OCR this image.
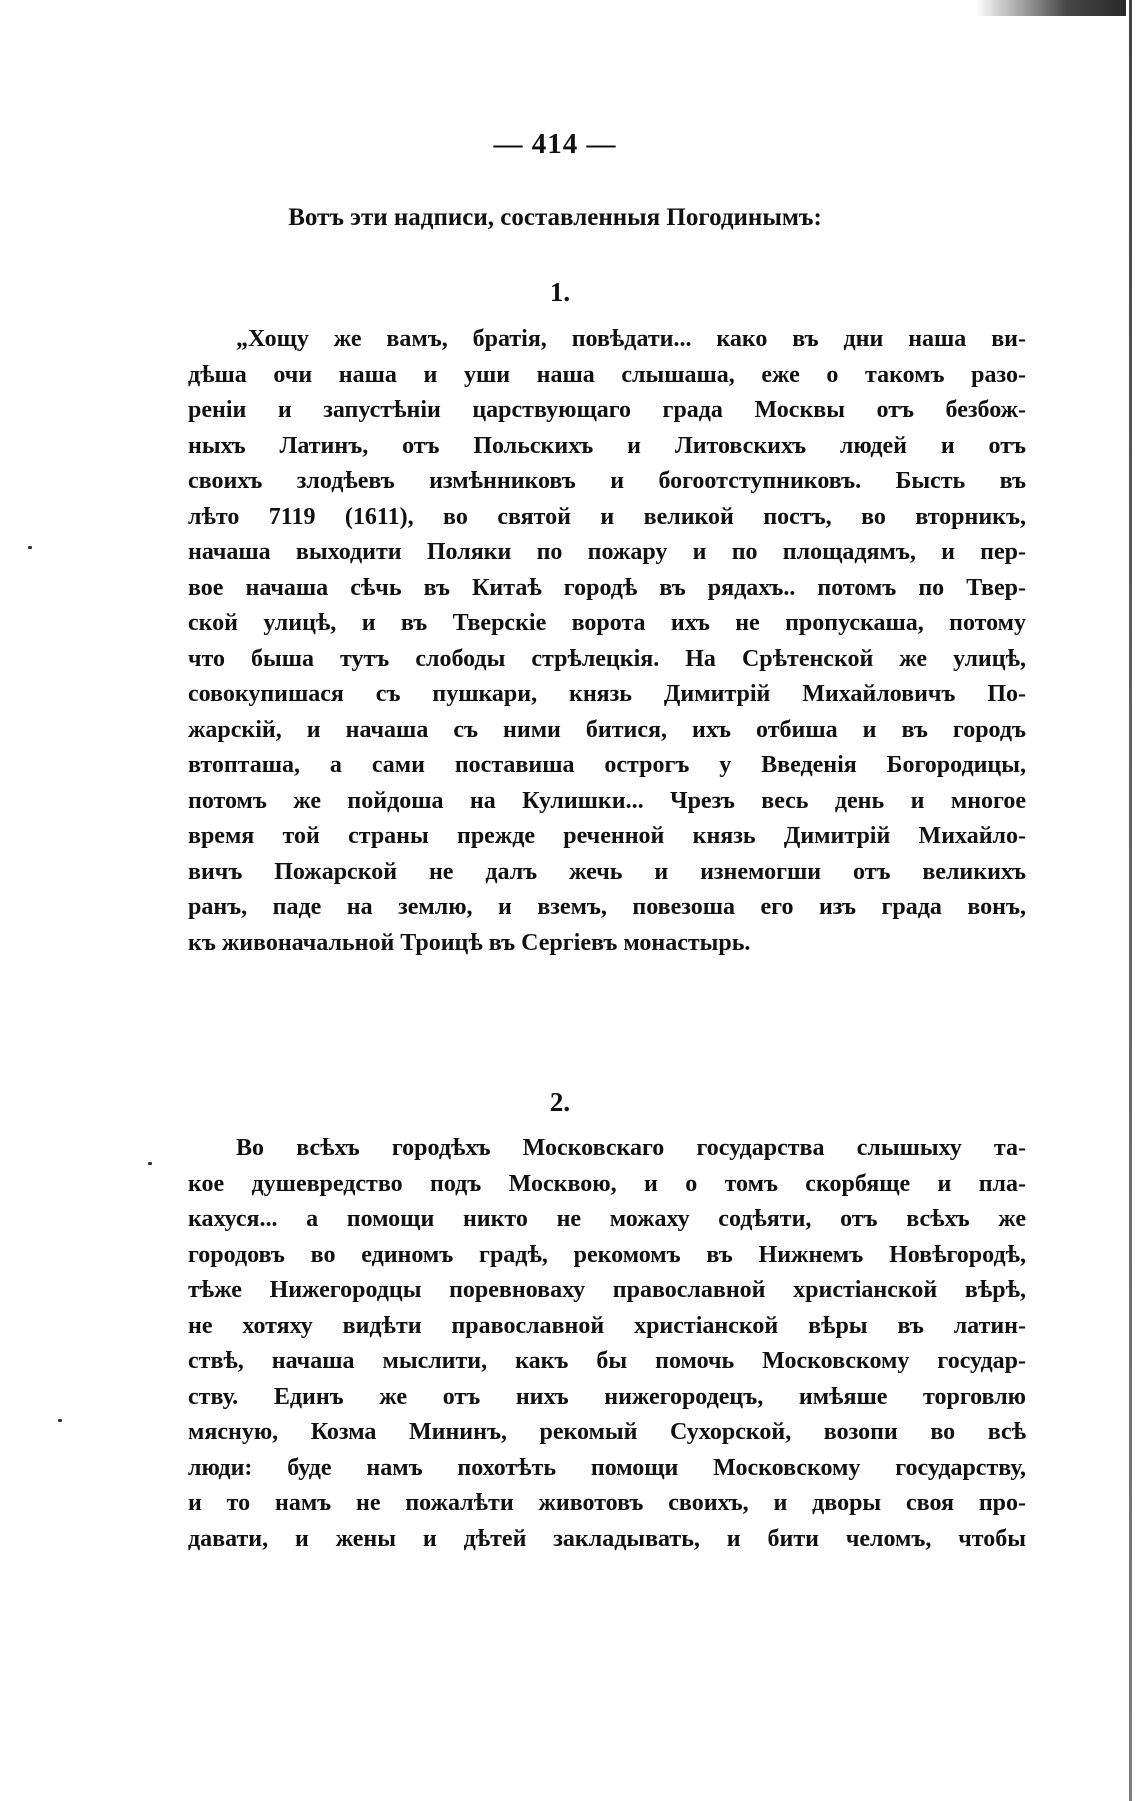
— 414 —
Вотъ эти надписи, составленныя Погодинымъ:
1.
„Хощу же вамъ, братія, повѣдати... како въ дни наша ви-
дѣша очи наша и уши наша слышаша, еже о такомъ разо-
реніи и запустѣніи царствующаго града Москвы отъ безбож-
ныхъ Латинъ, отъ Польскихъ и Литовскихъ людей и отъ
своихъ злодѣевъ измѣнниковъ и богоотступниковъ. Бысть въ
лѣто 7119 (1611), во святой и великой постъ, во вторникъ,
начаша выходити Поляки по пожару и по площадямъ, и пер-
вое начаша сѣчь въ Китаѣ городѣ въ рядахъ.. потомъ по Твер-
ской улицѣ, и въ Тверскіе ворота ихъ не пропускаша, потому
что быша тутъ слободы стрѣлецкія. На Срѣтенской же улицѣ,
совокупишася съ пушкари, князь Димитрій Михайловичъ По-
жарскій, и начаша съ ними битися, ихъ отбиша и въ городъ
втопташа, а сами поставиша острогъ у Введенія Богородицы,
потомъ же пойдоша на Кулишки... Чрезъ весь день и многое
время той страны прежде реченной князь Димитрій Михайло-
вичъ Пожарской не далъ жечь и изнемогши отъ великихъ
ранъ, паде на землю, и вземъ, повезоша его изъ града вонъ,
къ живоначальной Троицѣ въ Сергіевъ монастырь.
2.
Во всѣхъ городѣхъ Московскаго государства слышыху та-
кое душевредство подъ Москвою, и о томъ скорбяще и пла-
кахуся... а помощи никто не можаху содѣяти, отъ всѣхъ же
городовъ во единомъ градѣ, рекомомъ въ Нижнемъ Новѣгородѣ,
тѣже Нижегородцы поревноваху православной христіанской вѣрѣ,
не хотяху видѣти православной христіанской вѣры въ латин-
ствѣ, начаша мыслити, какъ бы помочь Московскому государ-
ству. Единъ же отъ нихъ нижегородецъ, имѣяше торговлю
мясную, Козма Мининъ, рекомый Сухорской, возопи во всѣ
люди: буде намъ похотѣть помощи Московскому государству,
и то намъ не пожалѣти животовъ своихъ, и дворы своя про-
давати, и жены и дѣтей закладывать, и бити челомъ, чтобы
